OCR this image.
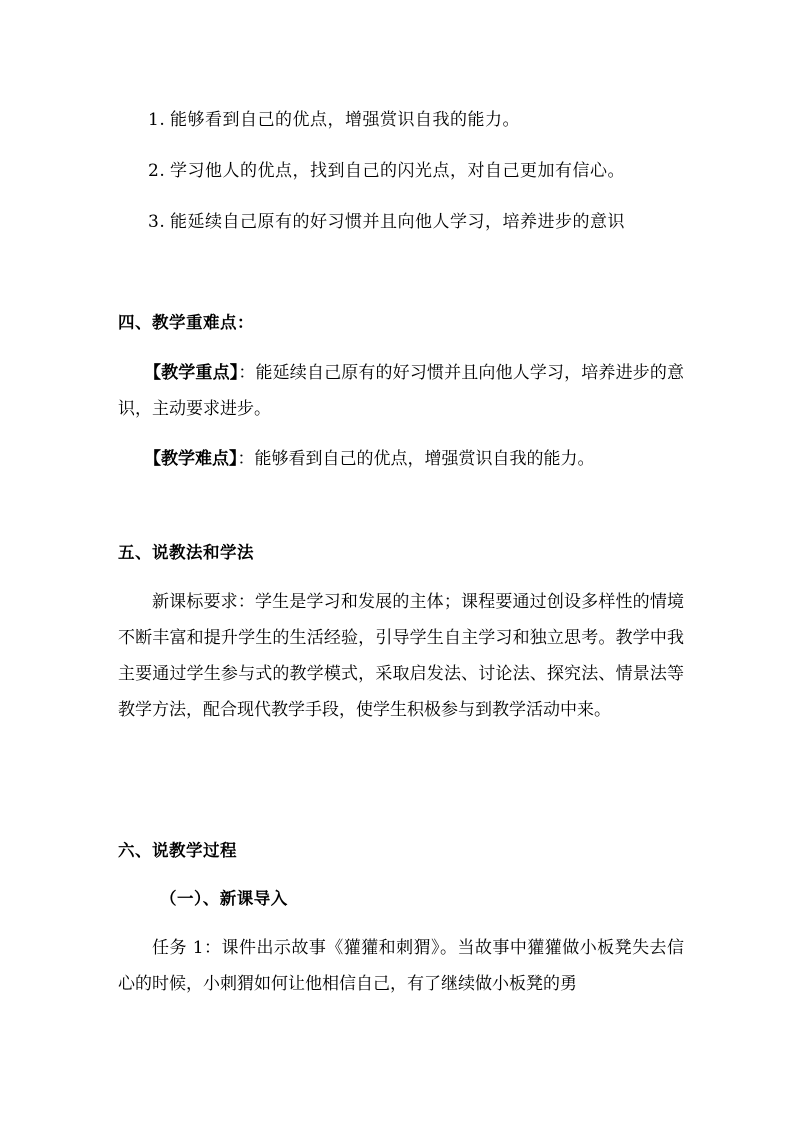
1. 能够看到自己的优点，增强赏识自我的能力。
2. 学习他人的优点，找到自己的闪光点，对自己更加有信心。
3. 能延续自己原有的好习惯并且向他人学习，培养进步的意识
四、教学重难点：
【教学重点】：能延续自己原有的好习惯并且向他人学习，培养进步的意识，主动要求进步。
【教学难点】：能够看到自己的优点，增强赏识自我的能力。
五、说教法和学法
新课标要求：学生是学习和发展的主体；课程要通过创设多样性的情境不断丰富和提升学生的生活经验，引导学生自主学习和独立思考。教学中我主要通过学生参与式的教学模式，采取启发法、讨论法、探究法、情景法等教学方法，配合现代教学手段，使学生积极参与到教学活动中来。
六、说教学过程
（一）、新课导入
任务 1：课件出示故事《獾獾和刺猬》。当故事中獾獾做小板凳失去信心的时候，小刺猬如何让他相信自己，有了继续做小板凳的勇
